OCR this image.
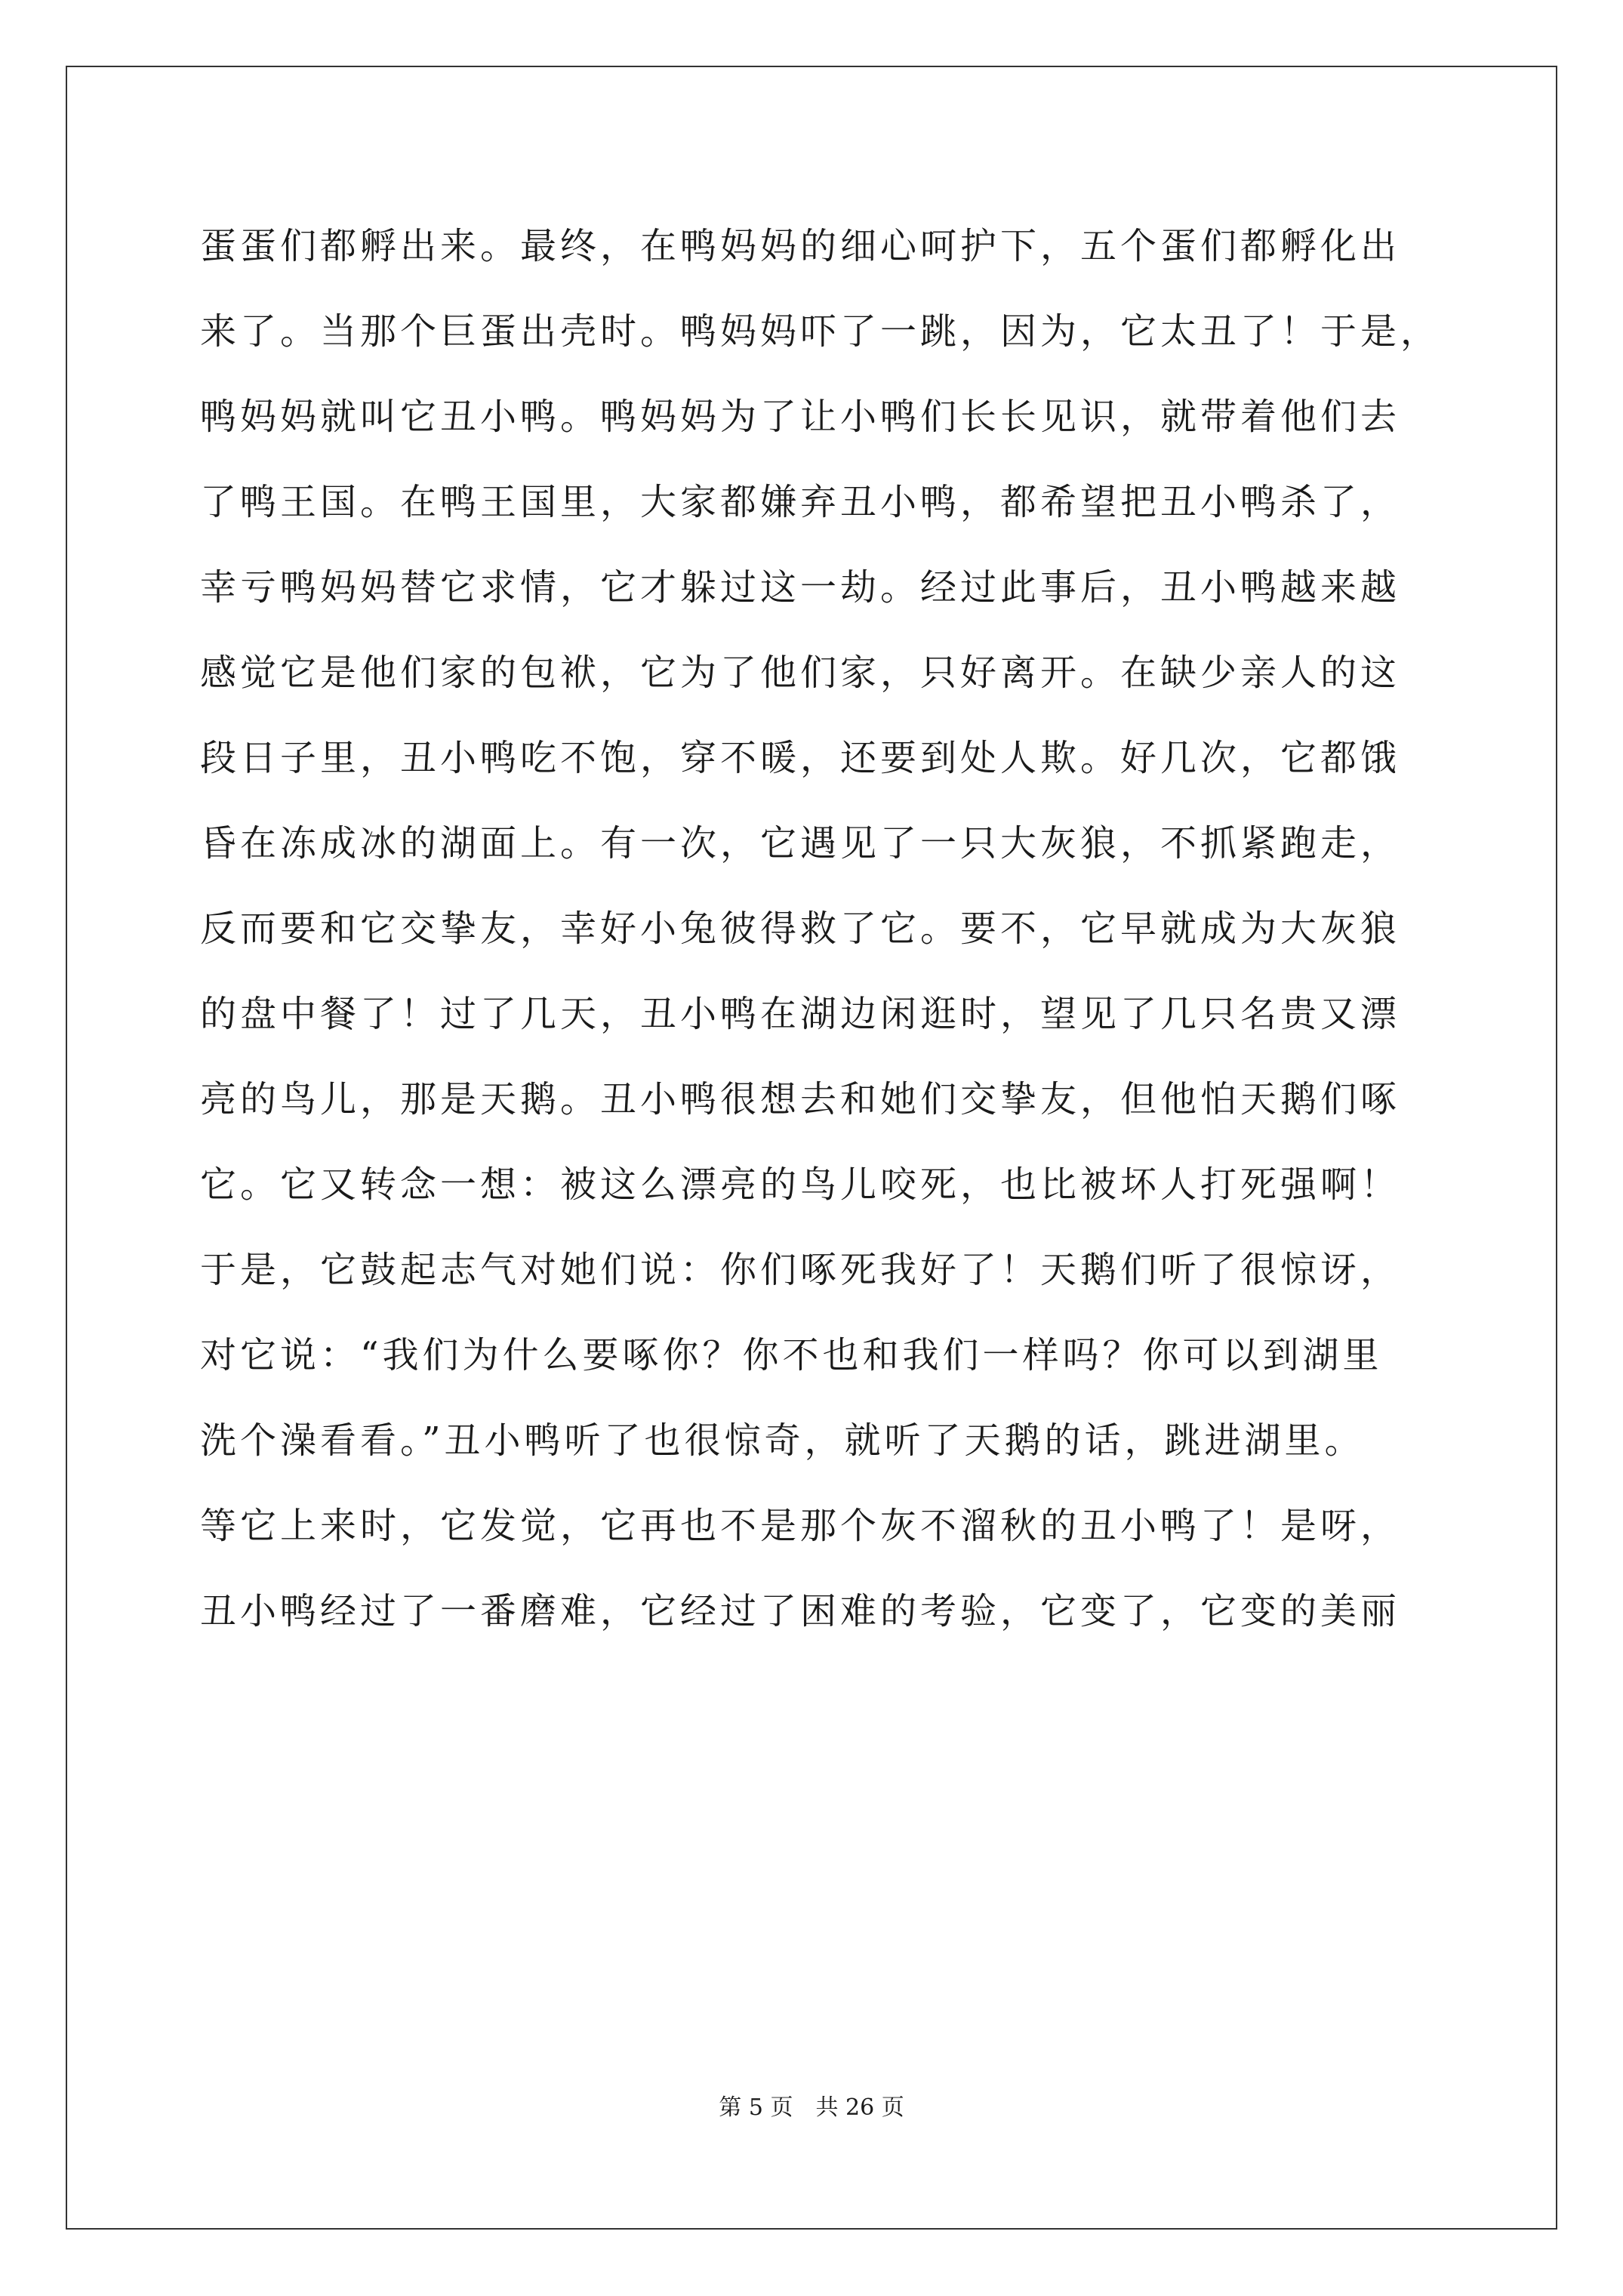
蛋蛋们都孵出来。最终，在鸭妈妈的细心呵护下，五个蛋们都孵化出
来了。当那个巨蛋出壳时。鸭妈妈吓了一跳，因为，它太丑了！于是，
鸭妈妈就叫它丑小鸭。鸭妈妈为了让小鸭们长长见识，就带着他们去
了鸭王国。在鸭王国里，大家都嫌弃丑小鸭，都希望把丑小鸭杀了，
幸亏鸭妈妈替它求情，它才躲过这一劫。经过此事后，丑小鸭越来越
感觉它是他们家的包袱，它为了他们家，只好离开。在缺少亲人的这
段日子里，丑小鸭吃不饱，穿不暖，还要到处人欺。好几次，它都饿
昏在冻成冰的湖面上。有一次，它遇见了一只大灰狼，不抓紧跑走，
反而要和它交挚友，幸好小兔彼得救了它。要不，它早就成为大灰狼
的盘中餐了！过了几天，丑小鸭在湖边闲逛时，望见了几只名贵又漂
亮的鸟儿，那是天鹅。丑小鸭很想去和她们交挚友，但他怕天鹅们啄
它。它又转念一想：被这么漂亮的鸟儿咬死，也比被坏人打死强啊！
于是，它鼓起志气对她们说：你们啄死我好了！天鹅们听了很惊讶，
对它说：“我们为什么要啄你？你不也和我们一样吗？你可以到湖里
洗个澡看看。”丑小鸭听了也很惊奇，就听了天鹅的话，跳进湖里。
等它上来时，它发觉，它再也不是那个灰不溜秋的丑小鸭了！是呀，
丑小鸭经过了一番磨难，它经过了困难的考验，它变了，它变的美丽
第 5 页　共 26 页
